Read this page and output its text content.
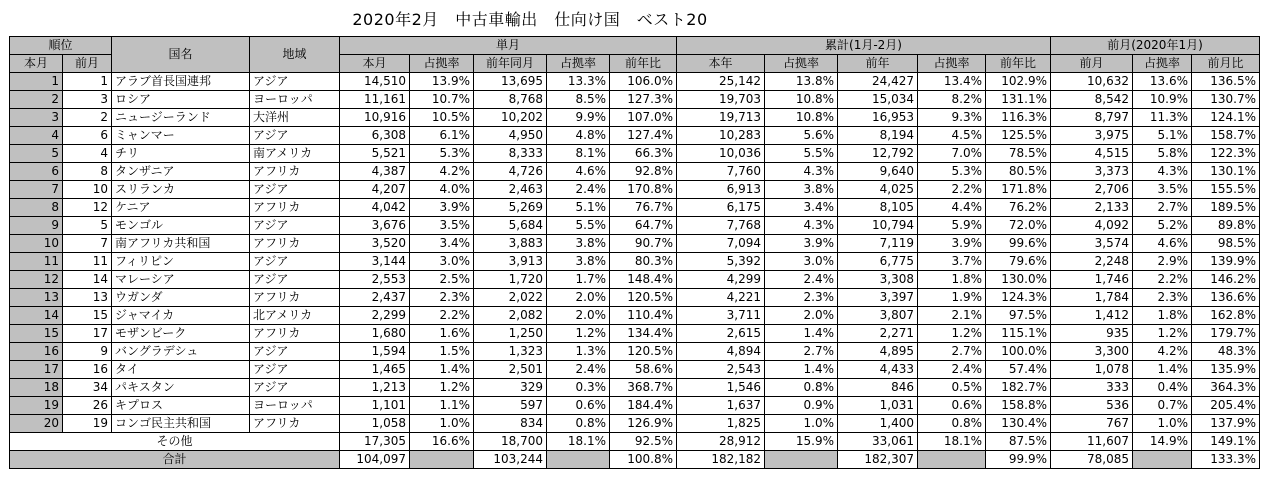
2020年2月　中古車輸出　仕向け国　ベスト20
順位		国名	地域	単月					累計(1月-2月)					前月(2020年1月)		
本月	前月			本月	占拠率	前年同月	占拠率	前年比	本年	占拠率	前年	占拠率	前年比	前月	占拠率	前月比
1	1	アラブ首長国連邦	アジア	14,510	13.9%	13,695	13.3%	106.0%	25,142	13.8%	24,427	13.4%	102.9%	10,632	13.6%	136.5%
2	3	ロシア	ヨーロッパ	11,161	10.7%	8,768	8.5%	127.3%	19,703	10.8%	15,034	8.2%	131.1%	8,542	10.9%	130.7%
3	2	ニュージーランド	大洋州	10,916	10.5%	10,202	9.9%	107.0%	19,713	10.8%	16,953	9.3%	116.3%	8,797	11.3%	124.1%
4	6	ミャンマー	アジア	6,308	6.1%	4,950	4.8%	127.4%	10,283	5.6%	8,194	4.5%	125.5%	3,975	5.1%	158.7%
5	4	チリ	南アメリカ	5,521	5.3%	8,333	8.1%	66.3%	10,036	5.5%	12,792	7.0%	78.5%	4,515	5.8%	122.3%
6	8	タンザニア	アフリカ	4,387	4.2%	4,726	4.6%	92.8%	7,760	4.3%	9,640	5.3%	80.5%	3,373	4.3%	130.1%
7	10	スリランカ	アジア	4,207	4.0%	2,463	2.4%	170.8%	6,913	3.8%	4,025	2.2%	171.8%	2,706	3.5%	155.5%
8	12	ケニア	アフリカ	4,042	3.9%	5,269	5.1%	76.7%	6,175	3.4%	8,105	4.4%	76.2%	2,133	2.7%	189.5%
9	5	モンゴル	アジア	3,676	3.5%	5,684	5.5%	64.7%	7,768	4.3%	10,794	5.9%	72.0%	4,092	5.2%	89.8%
10	7	南アフリカ共和国	アフリカ	3,520	3.4%	3,883	3.8%	90.7%	7,094	3.9%	7,119	3.9%	99.6%	3,574	4.6%	98.5%
11	11	フィリピン	アジア	3,144	3.0%	3,913	3.8%	80.3%	5,392	3.0%	6,775	3.7%	79.6%	2,248	2.9%	139.9%
12	14	マレーシア	アジア	2,553	2.5%	1,720	1.7%	148.4%	4,299	2.4%	3,308	1.8%	130.0%	1,746	2.2%	146.2%
13	13	ウガンダ	アフリカ	2,437	2.3%	2,022	2.0%	120.5%	4,221	2.3%	3,397	1.9%	124.3%	1,784	2.3%	136.6%
14	15	ジャマイカ	北アメリカ	2,299	2.2%	2,082	2.0%	110.4%	3,711	2.0%	3,807	2.1%	97.5%	1,412	1.8%	162.8%
15	17	モザンビーク	アフリカ	1,680	1.6%	1,250	1.2%	134.4%	2,615	1.4%	2,271	1.2%	115.1%	935	1.2%	179.7%
16	9	バングラデシュ	アジア	1,594	1.5%	1,323	1.3%	120.5%	4,894	2.7%	4,895	2.7%	100.0%	3,300	4.2%	48.3%
17	16	タイ	アジア	1,465	1.4%	2,501	2.4%	58.6%	2,543	1.4%	4,433	2.4%	57.4%	1,078	1.4%	135.9%
18	34	パキスタン	アジア	1,213	1.2%	329	0.3%	368.7%	1,546	0.8%	846	0.5%	182.7%	333	0.4%	364.3%
19	26	キプロス	ヨーロッパ	1,101	1.1%	597	0.6%	184.4%	1,637	0.9%	1,031	0.6%	158.8%	536	0.7%	205.4%
20	19	コンゴ民主共和国	アフリカ	1,058	1.0%	834	0.8%	126.9%	1,825	1.0%	1,400	0.8%	130.4%	767	1.0%	137.9%
その他				17,305	16.6%	18,700	18.1%	92.5%	28,912	15.9%	33,061	18.1%	87.5%	11,607	14.9%	149.1%
合計				104,097		103,244		100.8%	182,182		182,307		99.9%	78,085		133.3%
